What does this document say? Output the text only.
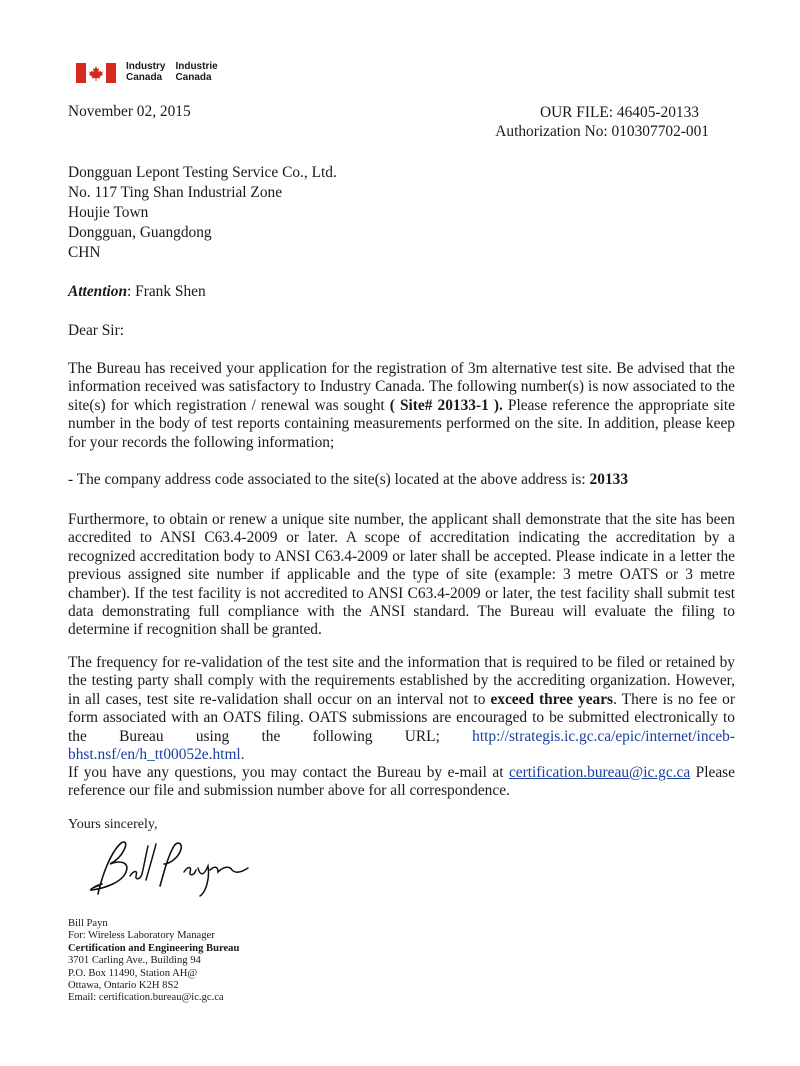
Industry
Canada
Industrie
Canada
November 02, 2015	OUR FILE: 46405-20133
Authorization No: 010307702-001
Dongguan Lepont Testing Service Co., Ltd.
No. 117 Ting Shan Industrial Zone
Houjie Town
Dongguan, Guangdong
CHN
Attention: Frank Shen
Dear Sir:
The Bureau has received your application for the registration of 3m alternative test site. Be advised that the information received was satisfactory to Industry Canada. The following number(s) is now associated to the site(s) for which registration / renewal was sought ( Site# 20133-1 ). Please reference the appropriate site number in the body of test reports containing measurements performed on the site. In addition, please keep for your records the following information;
- The company address code associated to the site(s) located at the above address is: 20133
Furthermore, to obtain or renew a unique site number, the applicant shall demonstrate that the site has been accredited to ANSI C63.4-2009 or later. A scope of accreditation indicating the accreditation by a recognized accreditation body to ANSI C63.4-2009 or later shall be accepted. Please indicate in a letter the previous assigned site number if applicable and the type of site (example: 3 metre OATS or 3 metre chamber). If the test facility is not accredited to ANSI C63.4-2009 or later, the test facility shall submit test data demonstrating full compliance with the ANSI standard. The Bureau will evaluate the filing to determine if recognition shall be granted.
The frequency for re-validation of the test site and the information that is required to be filed or retained by the testing party shall comply with the requirements established by the accrediting organization. However, in all cases, test site re-validation shall occur on an interval not to exceed three years. There is no fee or form associated with an OATS filing. OATS submissions are encouraged to be submitted electronically to the Bureau using the following URL; http://strategis.ic.gc.ca/epic/internet/inceb-bhst.nsf/en/h_tt00052e.html.
If you have any questions, you may contact the Bureau by e-mail at certification.bureau@ic.gc.ca Please reference our file and submission number above for all correspondence.
Yours sincerely,
Bill Payn
For: Wireless Laboratory Manager
Certification and Engineering Bureau
3701 Carling Ave., Building 94
P.O. Box 11490, Station AH@
Ottawa, Ontario K2H 8S2
Email: certification.bureau@ic.gc.ca
